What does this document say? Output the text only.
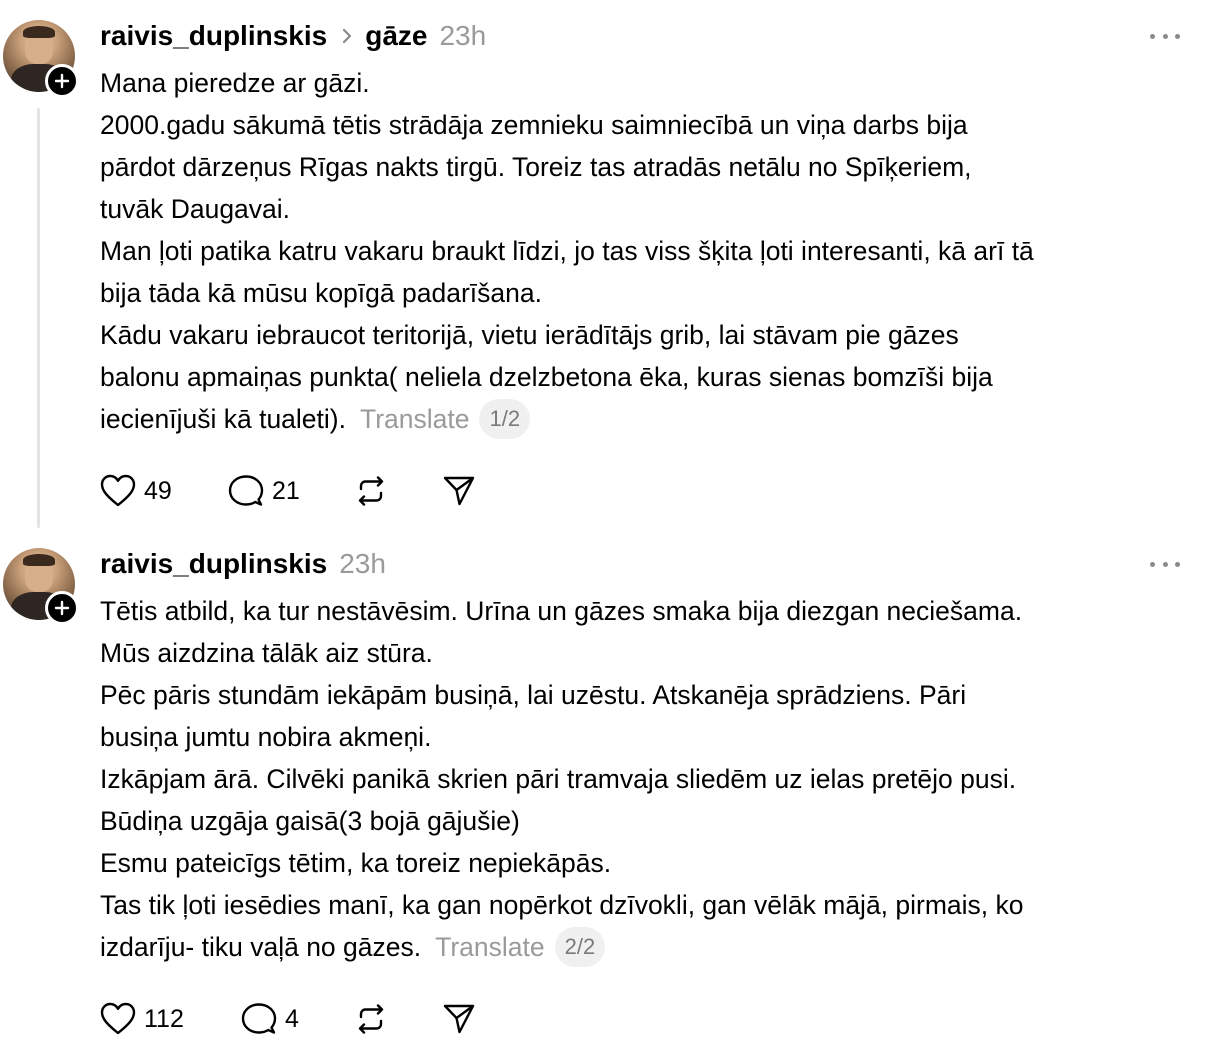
raivis_duplinskis gāze 23h
Mana pieredze ar gāzi.
2000.gadu sākumā tētis strādāja zemnieku saimniecībā un viņa darbs bija
pārdot dārzeņus Rīgas nakts tirgū. Toreiz tas atradās netālu no Spīķeriem,
tuvāk Daugavai.
Man ļoti patika katru vakaru braukt līdzi, jo tas viss šķita ļoti interesanti, kā arī tā
bija tāda kā mūsu kopīgā padarīšana.
Kādu vakaru iebraucot teritorijā, vietu ierādītājs grib, lai stāvam pie gāzes
balonu apmaiņas punkta( neliela dzelzbetona ēka, kuras sienas bomzīši bija
iecienījuši kā tualeti). Translate 1/2
49	21
raivis_duplinskis 23h
Tētis atbild, ka tur nestāvēsim. Urīna un gāzes smaka bija diezgan neciešama.
Mūs aizdzina tālāk aiz stūra.
Pēc pāris stundām iekāpām busiņā, lai uzēstu. Atskanēja sprādziens. Pāri
busiņa jumtu nobira akmeņi.
Izkāpjam ārā. Cilvēki panikā skrien pāri tramvaja sliedēm uz ielas pretējo pusi.
Būdiņa uzgāja gaisā(3 bojā gājušie)
Esmu pateicīgs tētim, ka toreiz nepiekāpās.
Tas tik ļoti iesēdies manī, ka gan nopērkot dzīvokli, gan vēlāk mājā, pirmais, ko
izdarīju- tiku vaļā no gāzes. Translate 2/2
112	4
